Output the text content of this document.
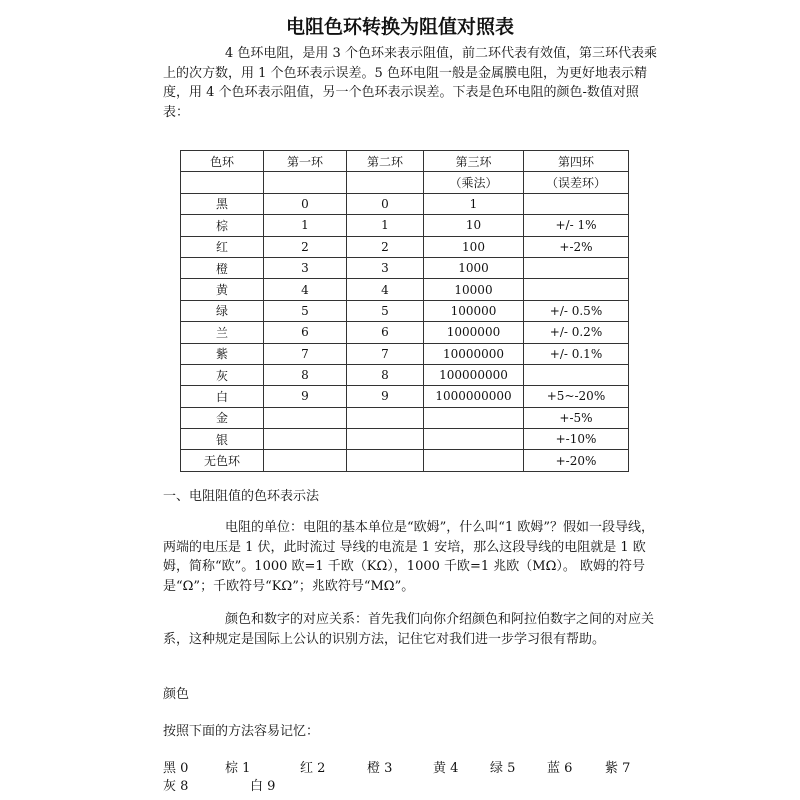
电阻色环转换为阻值对照表
4 色环电阻，是用 3 个色环来表示阻值，前二环代表有效值，第三环代表乘上的次方数，用 1 个色环表示误差。5 色环电阻一般是金属膜电阻，为更好地表示精度，用 4 个色环表示阻值，另一个色环表示误差。下表是色环电阻的颜色-数值对照表：
色环	第一环	第二环	第三环	第四环
			（乘法）	（误差环）
黑	0	0	1	
棕	1	1	10	+/- 1%
红	2	2	100	+-2%
橙	3	3	1000	
黄	4	4	10000	
绿	5	5	100000	+/- 0.5%
兰	6	6	1000000	+/- 0.2%
紫	7	7	10000000	+/- 0.1%
灰	8	8	100000000	
白	9	9	1000000000	+5~-20%
金				+-5%
银				+-10%
无色环				+-20%
一、电阻阻值的色环表示法
电阻的单位：电阻的基本单位是“欧姆”，什么叫“1 欧姆”？假如一段导线，两端的电压是 1 伏，此时流过 导线的电流是 1 安培，那么这段导线的电阻就是 1 欧姆，简称“欧”。1000 欧=1 千欧（KΩ），1000 千欧=1 兆欧（MΩ）。 欧姆的符号是“Ω”；千欧符号“KΩ”；兆欧符号“MΩ”。
颜色和数字的对应关系：首先我们向你介绍颜色和阿拉伯数字之间的对应关系，这种规定是国际上公认的识别方法，记住它对我们进一步学习很有帮助。
颜色
按照下面的方法容易记忆：
黑 0	棕 1	红 2	橙 3	黄 4 绿 5 蓝 6	紫 7
灰 8	白 9
